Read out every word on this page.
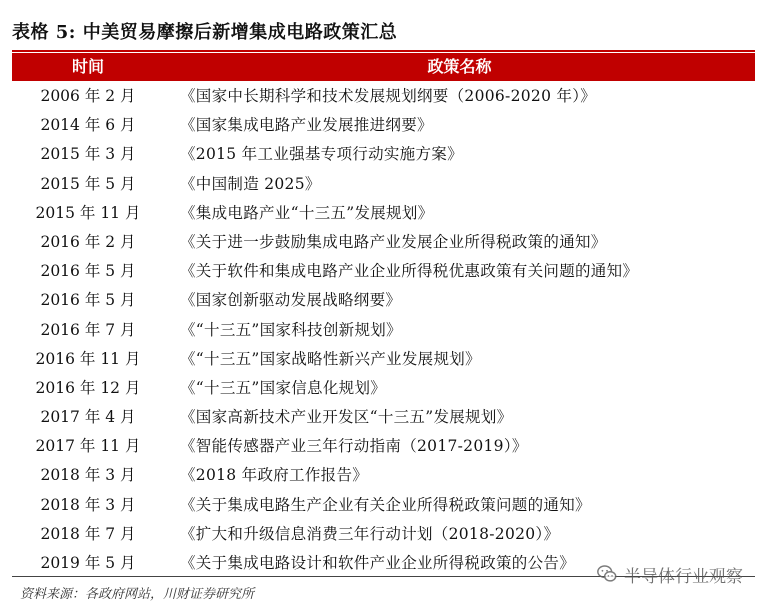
表格 5: 中美贸易摩擦后新增集成电路政策汇总
时间	政策名称
2006 年 2 月	《国家中长期科学和技术发展规划纲要（2006-2020 年）》
2014 年 6 月	《国家集成电路产业发展推进纲要》
2015 年 3 月	《2015 年工业强基专项行动实施方案》
2015 年 5 月	《中国制造 2025》
2015 年 11 月	《集成电路产业“十三五”发展规划》
2016 年 2 月	《关于进一步鼓励集成电路产业发展企业所得税政策的通知》
2016 年 5 月	《关于软件和集成电路产业企业所得税优惠政策有关问题的通知》
2016 年 5 月	《国家创新驱动发展战略纲要》
2016 年 7 月	《“十三五”国家科技创新规划》
2016 年 11 月	《“十三五”国家战略性新兴产业发展规划》
2016 年 12 月	《“十三五”国家信息化规划》
2017 年 4 月	《国家高新技术产业开发区“十三五”发展规划》
2017 年 11 月	《智能传感器产业三年行动指南（2017-2019）》
2018 年 3 月	《2018 年政府工作报告》
2018 年 3 月	《关于集成电路生产企业有关企业所得税政策问题的通知》
2018 年 7 月	《扩大和升级信息消费三年行动计划（2018-2020）》
2019 年 5 月	《关于集成电路设计和软件产业企业所得税政策的公告》
资料来源：各政府网站，川财证券研究所
半导体行业观察
